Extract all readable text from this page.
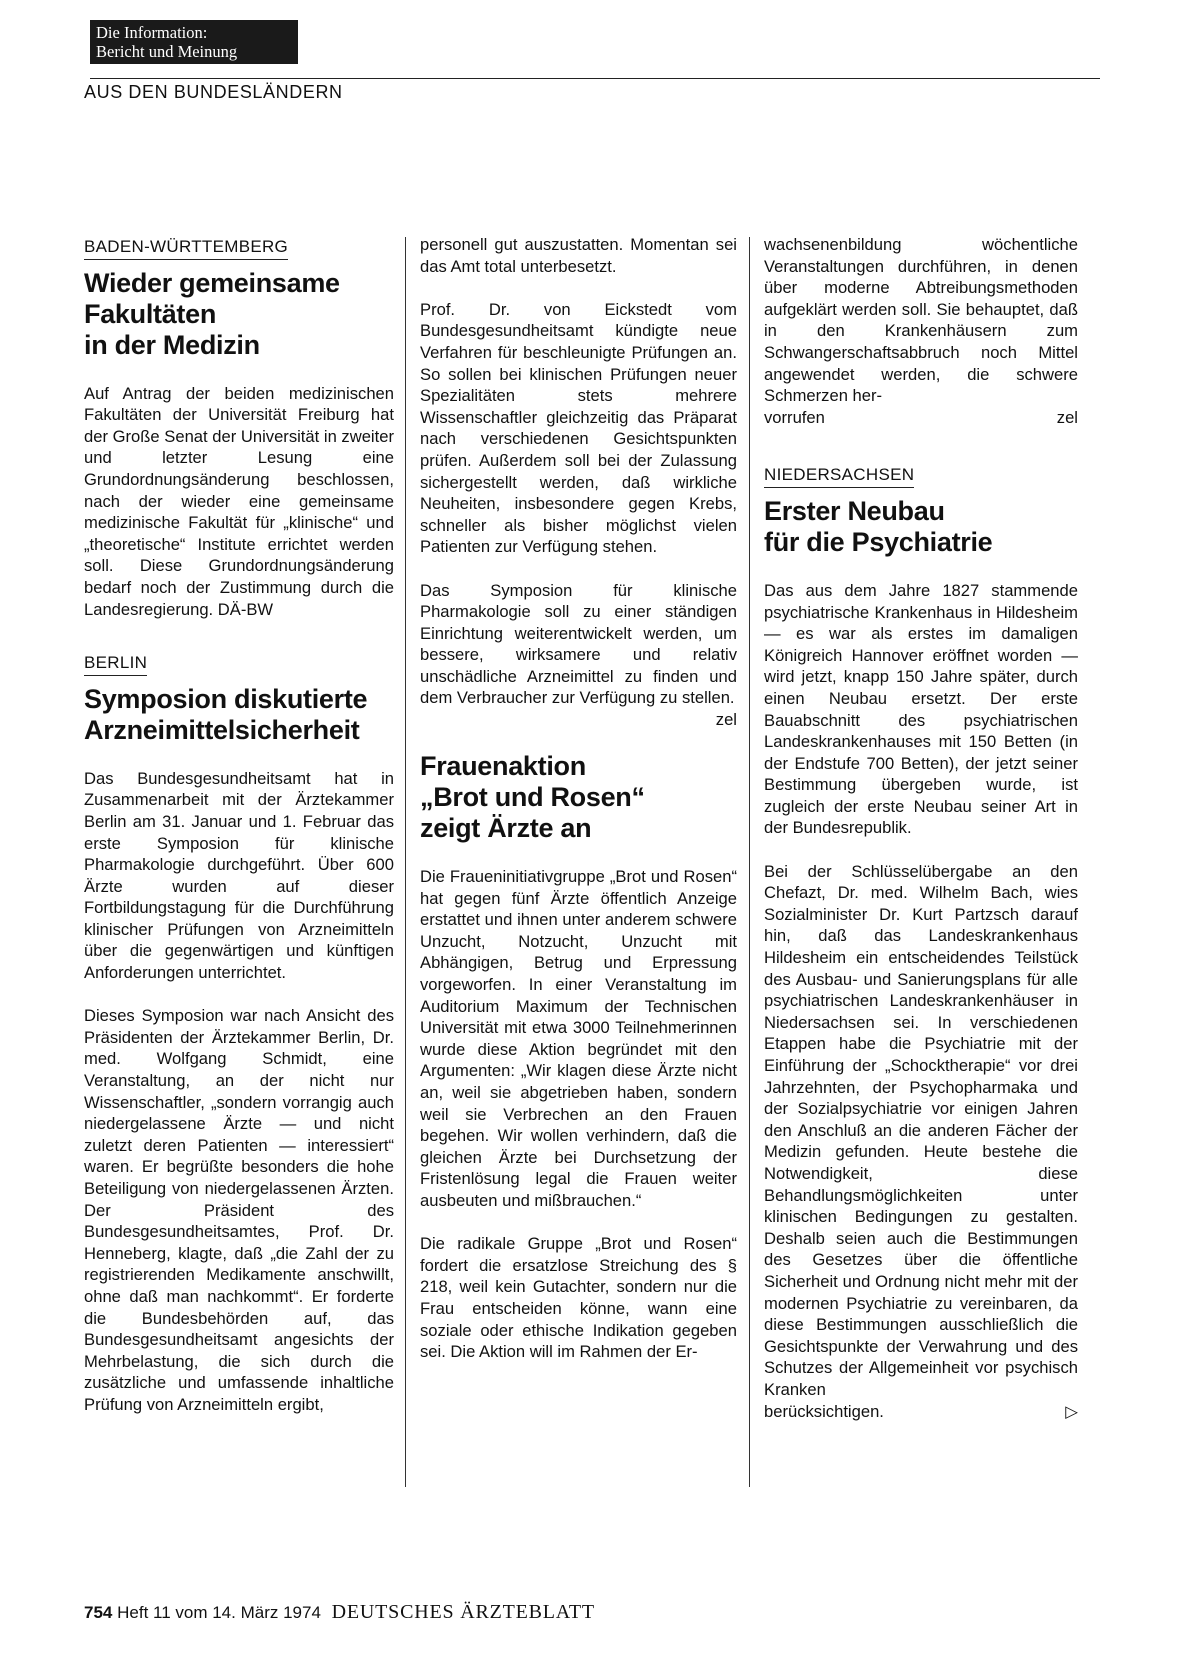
Die Information:
Bericht und Meinung
AUS DEN BUNDESLÄNDERN
BADEN-WÜRTTEMBERG
Wieder gemeinsame
Fakultäten
in der Medizin

Auf Antrag der beiden medizinischen Fakultäten der Universität Freiburg hat der Große Senat der Universität in zweiter und letzter Lesung eine Grundordnungsänderung beschlossen, nach der wieder eine gemeinsame medizinische Fakultät für „klinische“ und „theoretische“ Institute errichtet werden soll. Diese Grundordnungsänderung bedarf noch der Zustimmung durch die Landesregierung. DÄ-BW

BERLIN
Symposion diskutierte
Arzneimittelsicherheit

Das Bundesgesundheitsamt hat in Zusammenarbeit mit der Ärztekammer Berlin am 31. Januar und 1. Februar das erste Symposion für klinische Pharmakologie durchgeführt. Über 600 Ärzte wurden auf dieser Fortbildungstagung für die Durchführung klinischer Prüfungen von Arzneimitteln über die gegenwärtigen und künftigen Anforderungen unterrichtet.

Dieses Symposion war nach Ansicht des Präsidenten der Ärztekammer Berlin, Dr. med. Wolfgang Schmidt, eine Veranstaltung, an der nicht nur Wissenschaftler, „sondern vorrangig auch niedergelassene Ärzte — und nicht zuletzt deren Patienten — interessiert“ waren. Er begrüßte besonders die hohe Beteiligung von niedergelassenen Ärzten. Der Präsident des Bundesgesundheitsamtes, Prof. Dr. Henneberg, klagte, daß „die Zahl der zu registrierenden Medikamente anschwillt, ohne daß man nachkommt“. Er forderte die Bundesbehörden auf, das Bundesgesundheitsamt angesichts der Mehrbelastung, die sich durch die zusätzliche und umfassende inhaltliche Prüfung von Arzneimitteln ergibt,

personell gut auszustatten. Momentan sei das Amt total unterbesetzt.

Prof. Dr. von Eickstedt vom Bundesgesundheitsamt kündigte neue Verfahren für beschleunigte Prüfungen an. So sollen bei klinischen Prüfungen neuer Spezialitäten stets mehrere Wissenschaftler gleichzeitig das Präparat nach verschiedenen Gesichtspunkten prüfen. Außerdem soll bei der Zulassung sichergestellt werden, daß wirkliche Neuheiten, insbesondere gegen Krebs, schneller als bisher möglichst vielen Patienten zur Verfügung stehen.

Das Symposion für klinische Pharmakologie soll zu einer ständigen Einrichtung weiterentwickelt werden, um bessere, wirksamere und relativ unschädliche Arzneimittel zu finden und dem Verbraucher zur Verfügung zu stellen.
zel

Frauenaktion
„Brot und Rosen“
zeigt Ärzte an

Die Fraueninitiativgruppe „Brot und Rosen“ hat gegen fünf Ärzte öffentlich Anzeige erstattet und ihnen unter anderem schwere Unzucht, Notzucht, Unzucht mit Abhängigen, Betrug und Erpressung vorgeworfen. In einer Veranstaltung im Auditorium Maximum der Technischen Universität mit etwa 3000 Teilnehmerinnen wurde diese Aktion begründet mit den Argumenten: „Wir klagen diese Ärzte nicht an, weil sie abgetrieben haben, sondern weil sie Verbrechen an den Frauen begehen. Wir wollen verhindern, daß die gleichen Ärzte bei Durchsetzung der Fristenlösung legal die Frauen weiter ausbeuten und mißbrauchen.“

Die radikale Gruppe „Brot und Rosen“ fordert die ersatzlose Streichung des § 218, weil kein Gutachter, sondern nur die Frau entscheiden könne, wann eine soziale oder ethische Indikation gegeben sei. Die Aktion will im Rahmen der Er-

wachsenenbildung wöchentliche Veranstaltungen durchführen, in denen über moderne Abtreibungsmethoden aufgeklärt werden soll. Sie behauptet, daß in den Krankenhäusern zum Schwangerschaftsabbruch noch Mittel angewendet werden, die schwere Schmerzen her-
vorrufen	zel

NIEDERSACHSEN
Erster Neubau
für die Psychiatrie

Das aus dem Jahre 1827 stammende psychiatrische Krankenhaus in Hildesheim — es war als erstes im damaligen Königreich Hannover eröffnet worden — wird jetzt, knapp 150 Jahre später, durch einen Neubau ersetzt. Der erste Bauabschnitt des psychiatrischen Landeskrankenhauses mit 150 Betten (in der Endstufe 700 Betten), der jetzt seiner Bestimmung übergeben wurde, ist zugleich der erste Neubau seiner Art in der Bundesrepublik.

Bei der Schlüsselübergabe an den Chefazt, Dr. med. Wilhelm Bach, wies Sozialminister Dr. Kurt Partzsch darauf hin, daß das Landeskrankenhaus Hildesheim ein entscheidendes Teilstück des Ausbau- und Sanierungsplans für alle psychiatrischen Landeskrankenhäuser in Niedersachsen sei. In verschiedenen Etappen habe die Psychiatrie mit der Einführung der „Schocktherapie“ vor drei Jahrzehnten, der Psychopharmaka und der Sozialpsychiatrie vor einigen Jahren den Anschluß an die anderen Fächer der Medizin gefunden. Heute bestehe die Notwendigkeit, diese Behandlungsmöglichkeiten unter klinischen Bedingungen zu gestalten. Deshalb seien auch die Bestimmungen des Gesetzes über die öffentliche Sicherheit und Ordnung nicht mehr mit der modernen Psychiatrie zu vereinbaren, da diese Bestimmungen ausschließlich die Gesichtspunkte der Verwahrung und des Schutzes der Allgemeinheit vor psychisch Kranken
berücksichtigen.	▷

754 Heft 11 vom 14. März 1974 DEUTSCHES ÄRZTEBLATT
